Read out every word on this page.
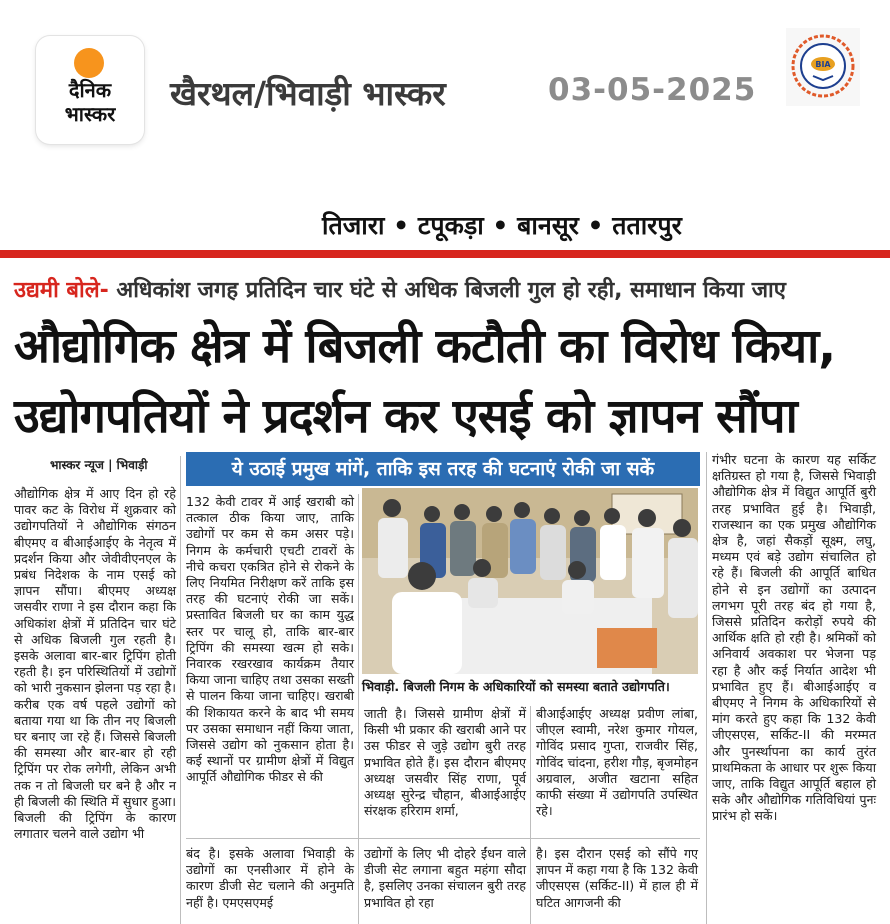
दैनिक
भास्कर
खैरथल/भिवाड़ी भास्कर	03-05-2025
BIA
तिजारा • टपूकड़ा • बानसूर • ततारपुर
उद्यमी बोले- अधिकांश जगह प्रतिदिन चार घंटे से अधिक बिजली गुल हो रही, समाधान किया जाए
औद्योगिक क्षेत्र में बिजली कटौती का विरोध किया,
उद्योगपतियों ने प्रदर्शन कर एसई को ज्ञापन सौंपा
भास्कर न्यूज | भिवाड़ी

औद्योगिक क्षेत्र में आए दिन हो रहे पावर कट के विरोध में शुक्रवार को उद्योगपतियों ने औद्योगिक संगठन बीएमए व बीआईआईए के नेतृत्व में प्रदर्शन किया और जेवीवीएनएल के प्रबंध निदेशक के नाम एसई को ज्ञापन सौंपा। बीएमए अध्यक्ष जसवीर राणा ने इस दौरान कहा कि अधिकांश क्षेत्रों में प्रतिदिन चार घंटे से अधिक बिजली गुल रहती है। इसके अलावा बार-बार ट्रिपिंग होती रहती है। इन परिस्थितियों में उद्योगों को भारी नुकसान झेलना पड़ रहा है। करीब एक वर्ष पहले उद्योगों को बताया गया था कि तीन नए बिजली घर बनाए जा रहे हैं। जिससे बिजली की समस्या और बार-बार हो रही ट्रिपिंग पर रोक लगेगी, लेकिन अभी तक न तो बिजली घर बने है और न ही बिजली की स्थिति में सुधार हुआ। बिजली की ट्रिपिंग के कारण लगातार चलने वाले उद्योग भी

ये उठाई प्रमुख मांगें, ताकि इस तरह की घटनाएं रोकी जा सकें

132 केवी टावर में आई खराबी को तत्काल ठीक किया जाए, ताकि उद्योगों पर कम से कम असर पड़े। निगम के कर्मचारी एचटी टावरों के नीचे कचरा एकत्रित होने से रोकने के लिए नियमित निरीक्षण करें ताकि इस तरह की घटनाएं रोकी जा सकें। प्रस्तावित बिजली घर का काम युद्ध स्तर पर चालू हो, ताकि बार-बार ट्रिपिंग की समस्या खत्म हो सके। निवारक रखरखाव कार्यक्रम तैयार किया जाना चाहिए तथा उसका सख्ती से पालन किया जाना चाहिए। खराबी की शिकायत करने के बाद भी समय पर उसका समाधान नहीं किया जाता, जिससे उद्योग को नुकसान होता है। कई स्थानों पर ग्रामीण क्षेत्रों में विद्युत आपूर्ति औद्योगिक फीडर से की

भिवाड़ी. बिजली निगम के अधिकारियों को समस्या बताते उद्योगपति।

जाती है। जिससे ग्रामीण क्षेत्रों में किसी भी प्रकार की खराबी आने पर उस फीडर से जुड़े उद्योग बुरी तरह प्रभावित होते हैं। इस दौरान बीएमए अध्यक्ष जसवीर सिंह राणा, पूर्व अध्यक्ष सुरेन्द्र चौहान, बीआईआईए संरक्षक हरिराम शर्मा,

बीआईआईए अध्यक्ष प्रवीण लांबा, जीएल स्वामी, नरेश कुमार गोयल, गोविंद प्रसाद गुप्ता, राजवीर सिंह, गोविंद चांदना, हरीश गौड़, बृजमोहन अग्रवाल, अजीत खटाना सहित काफी संख्या में उद्योगपति उपस्थित रहे।

बंद है। इसके अलावा भिवाड़ी के उद्योगों का एनसीआर में होने के कारण डीजी सेट चलाने की अनुमति नहीं है। एमएसएमई

उद्योगों के लिए भी दोहरे ईंधन वाले डीजी सेट लगाना बहुत महंगा सौदा है, इसलिए उनका संचालन बुरी तरह प्रभावित हो रहा

है। इस दौरान एसई को सौंपे गए ज्ञापन में कहा गया है कि 132 केवी जीएसएस (सर्किट-II) में हाल ही में घटित आगजनी की

गंभीर घटना के कारण यह सर्किट क्षतिग्रस्त हो गया है, जिससे भिवाड़ी औद्योगिक क्षेत्र में विद्युत आपूर्ति बुरी तरह प्रभावित हुई है। भिवाड़ी, राजस्थान का एक प्रमुख औद्योगिक क्षेत्र है, जहां सैकड़ों सूक्ष्म, लघु, मध्यम एवं बड़े उद्योग संचालित हो रहे हैं। बिजली की आपूर्ति बाधित होने से इन उद्योगों का उत्पादन लगभग पूरी तरह बंद हो गया है, जिससे प्रतिदिन करोड़ों रुपये की आर्थिक क्षति हो रही है। श्रमिकों को अनिवार्य अवकाश पर भेजना पड़ रहा है और कई निर्यात आदेश भी प्रभावित हुए हैं। बीआईआईए व बीएमए ने निगम के अधिकारियों से मांग करते हुए कहा कि 132 केवी जीएसएस, सर्किट-II की मरम्मत और पुनर्स्थापना का कार्य तुरंत प्राथमिकता के आधार पर शुरू किया जाए, ताकि विद्युत आपूर्ति बहाल हो सके और औद्योगिक गतिविधियां पुनः प्रारंभ हो सकें।
